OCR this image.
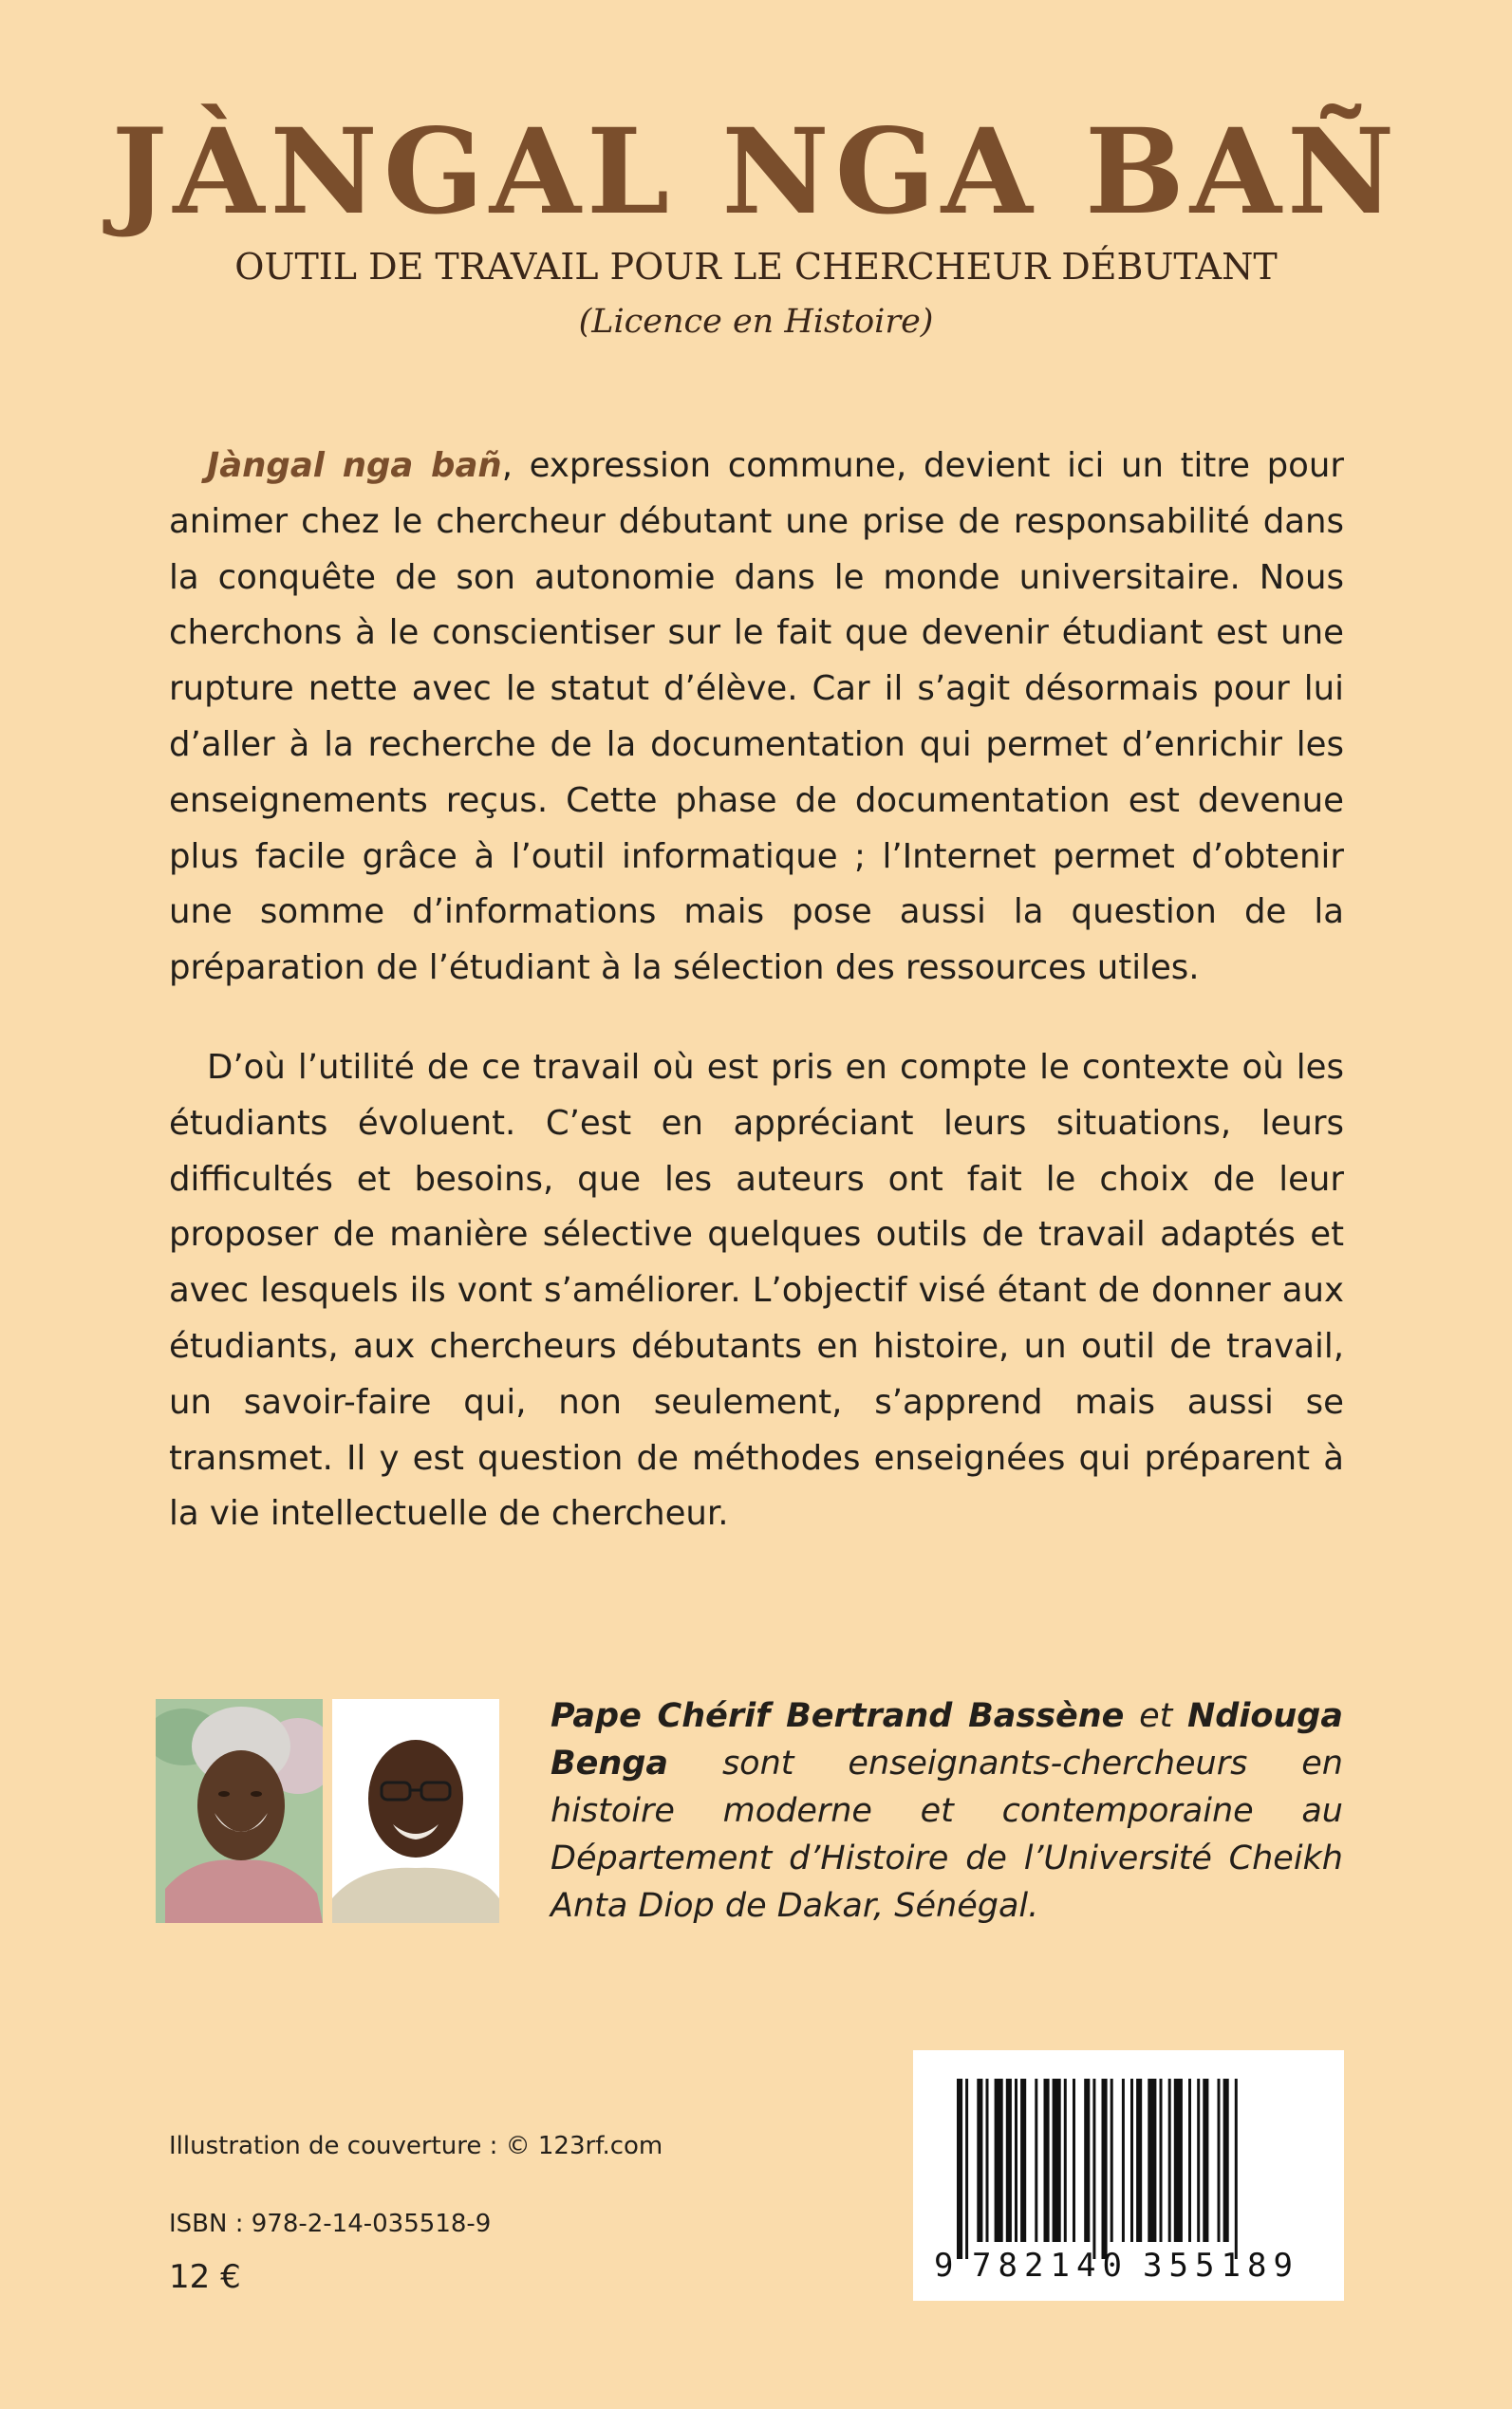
JÀNGAL NGA BAÑ

OUTIL DE TRAVAIL POUR LE CHERCHEUR DÉBUTANT

(Licence en Histoire)

Jàngal nga bañ, expression commune, devient ici un titre pour animer chez le chercheur débutant une prise de responsabilité dans la conquête de son autonomie dans le monde universitaire. Nous cherchons à le conscientiser sur le fait que devenir étudiant est une rupture nette avec le statut d’élève. Car il s’agit désormais pour lui d’aller à la recherche de la documentation qui permet d’enrichir les enseignements reçus. Cette phase de documentation est devenue plus facile grâce à l’outil informatique ; l’Internet permet d’obtenir une somme d’informations mais pose aussi la question de la préparation de l’étudiant à la sélection des ressources utiles.

D’où l’utilité de ce travail où est pris en compte le contexte où les étudiants évoluent. C’est en appréciant leurs situations, leurs difficultés et besoins, que les auteurs ont fait le choix de leur proposer de manière sélective quelques outils de travail adaptés et avec lesquels ils vont s’améliorer. L’objectif visé étant de donner aux étudiants, aux chercheurs débutants en histoire, un outil de travail, un savoir-faire qui, non seulement, s’apprend mais aussi se transmet. Il y est question de méthodes enseignées qui préparent à la vie intellectuelle de chercheur.

Pape Chérif Bertrand Bassène et Ndiouga Benga sont enseignants-chercheurs en histoire moderne et contemporaine au Département d’Histoire de l’Université Cheikh Anta Diop de Dakar, Sénégal.

Illustration de couverture : © 123rf.com

ISBN : 978-2-14-035518-9

12 €	9 782140 355189
